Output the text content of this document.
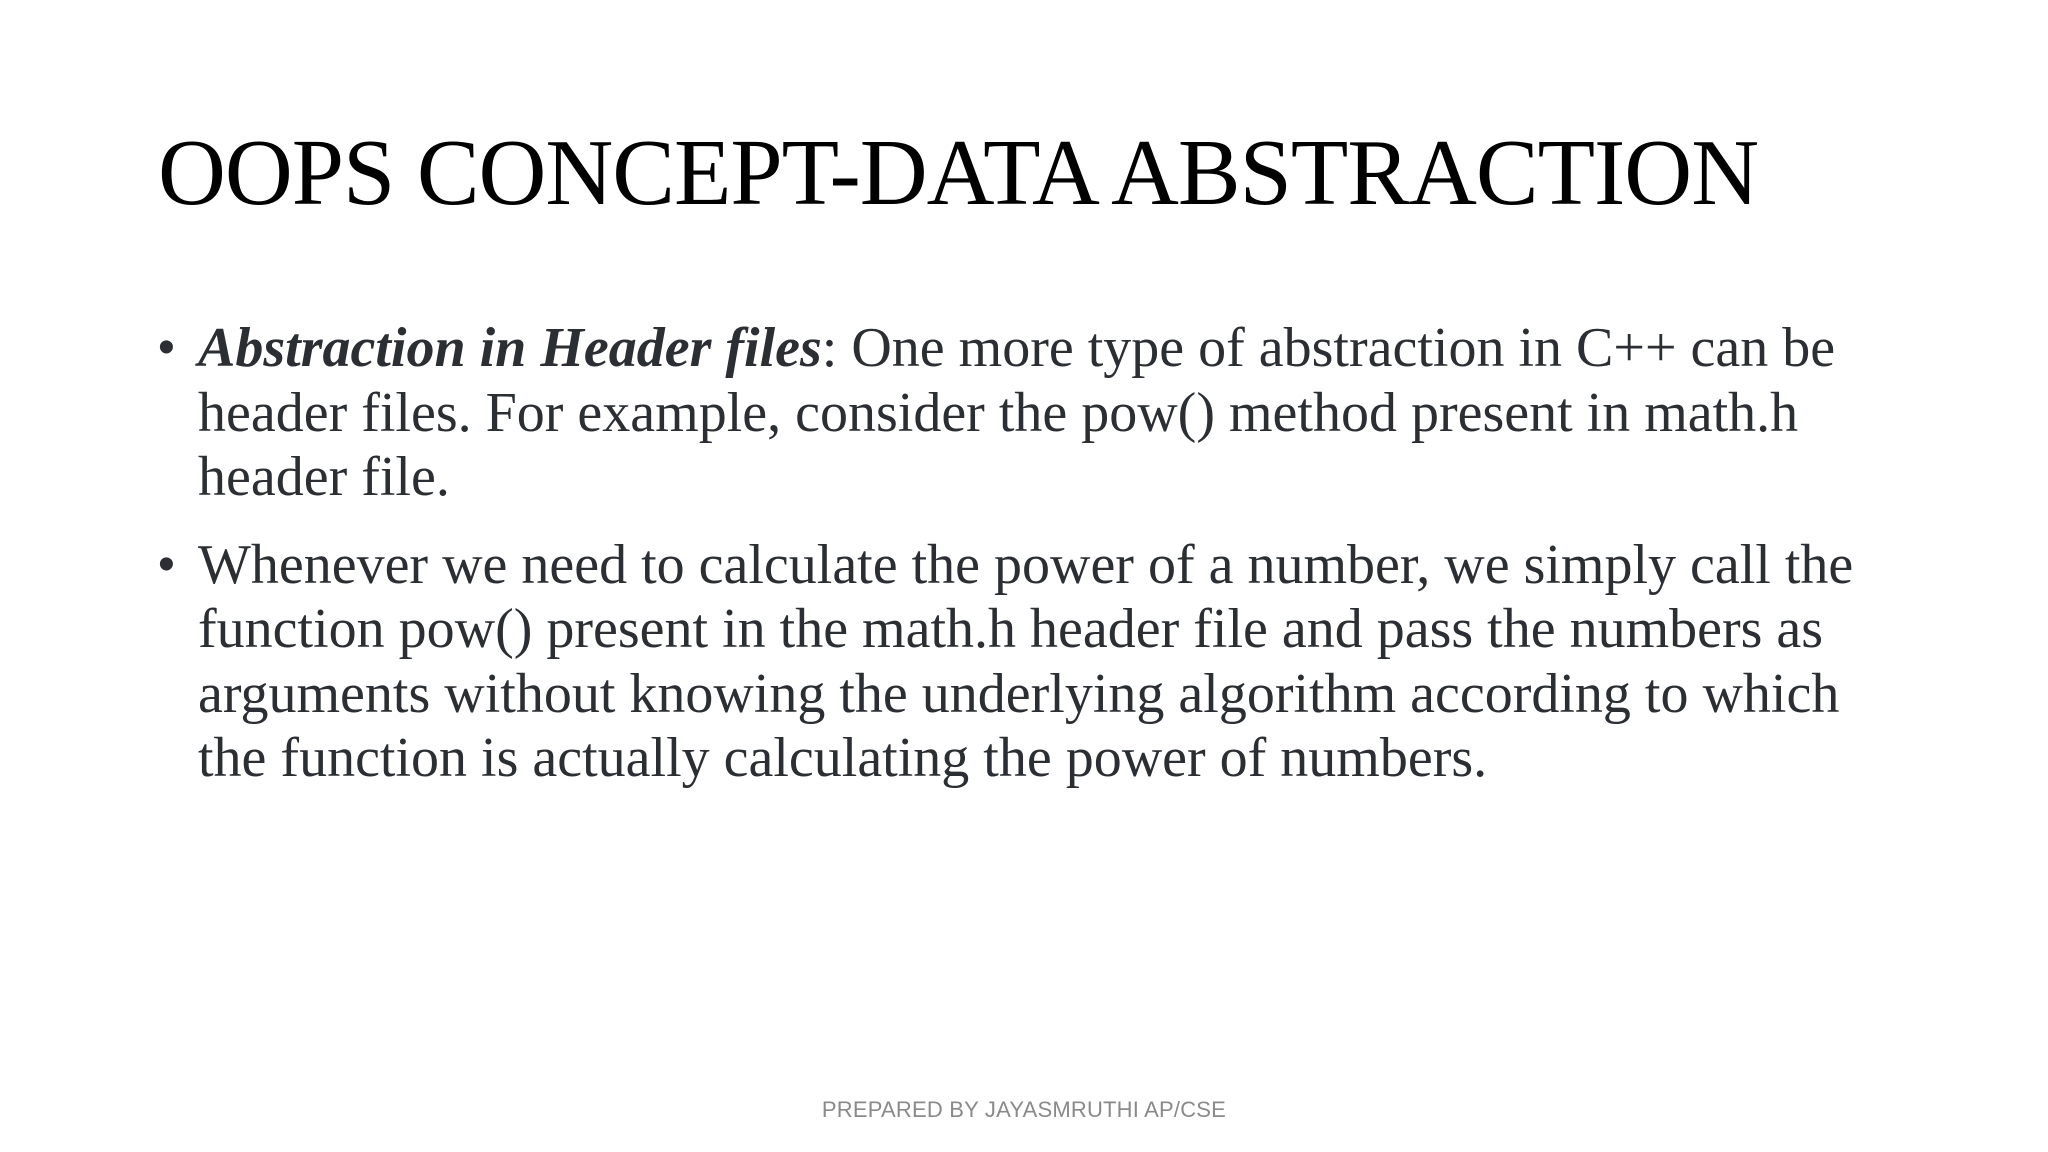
OOPS CONCEPT-DATA ABSTRACTION
• Abstraction in Header files: One more type of abstraction in C++ can be header files. For example, consider the pow() method present in math.h header file.
• Whenever we need to calculate the power of a number, we simply call the function pow() present in the math.h header file and pass the numbers as arguments without knowing the underlying algorithm according to which the function is actually calculating the power of numbers.
PREPARED BY JAYASMRUTHI AP/CSE
